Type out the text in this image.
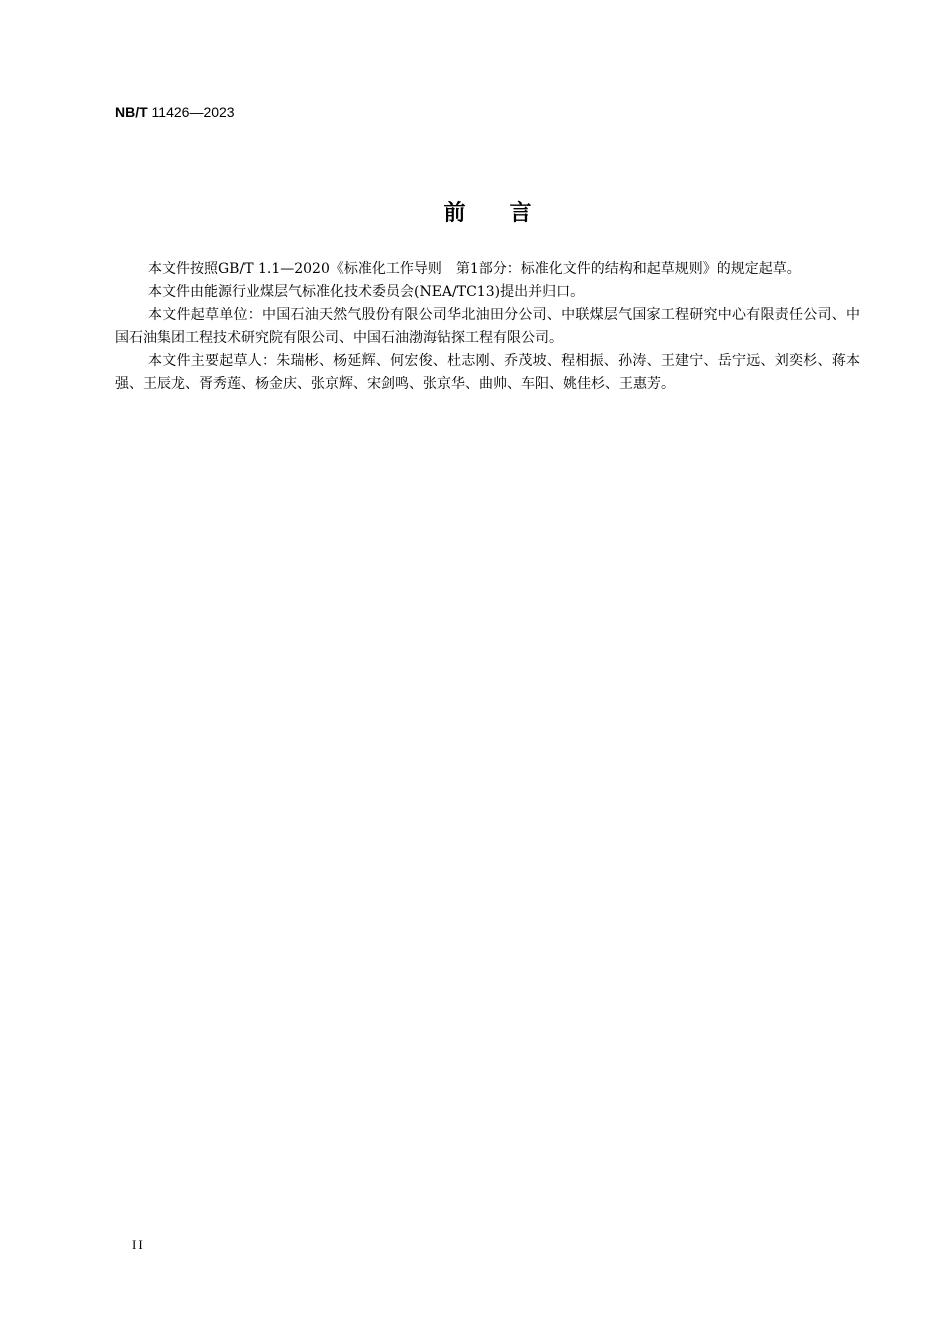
NB/T 11426—2023
前言

本文件按照GB/T 1.1—2020《标准化工作导则　第1部分：标准化文件的结构和起草规则》的规定起草。

本文件由能源行业煤层气标准化技术委员会(NEA/TC13)提出并归口。

本文件起草单位：中国石油天然气股份有限公司华北油田分公司、中联煤层气国家工程研究中心有限责任公司、中国石油集团工程技术研究院有限公司、中国石油渤海钻探工程有限公司。

本文件主要起草人：朱瑞彬、杨延辉、何宏俊、杜志刚、乔茂坡、程相振、孙涛、王建宁、岳宁远、刘奕杉、蒋本强、王辰龙、胥秀莲、杨金庆、张京辉、宋剑鸣、张京华、曲帅、车阳、姚佳杉、王惠芳。

II
